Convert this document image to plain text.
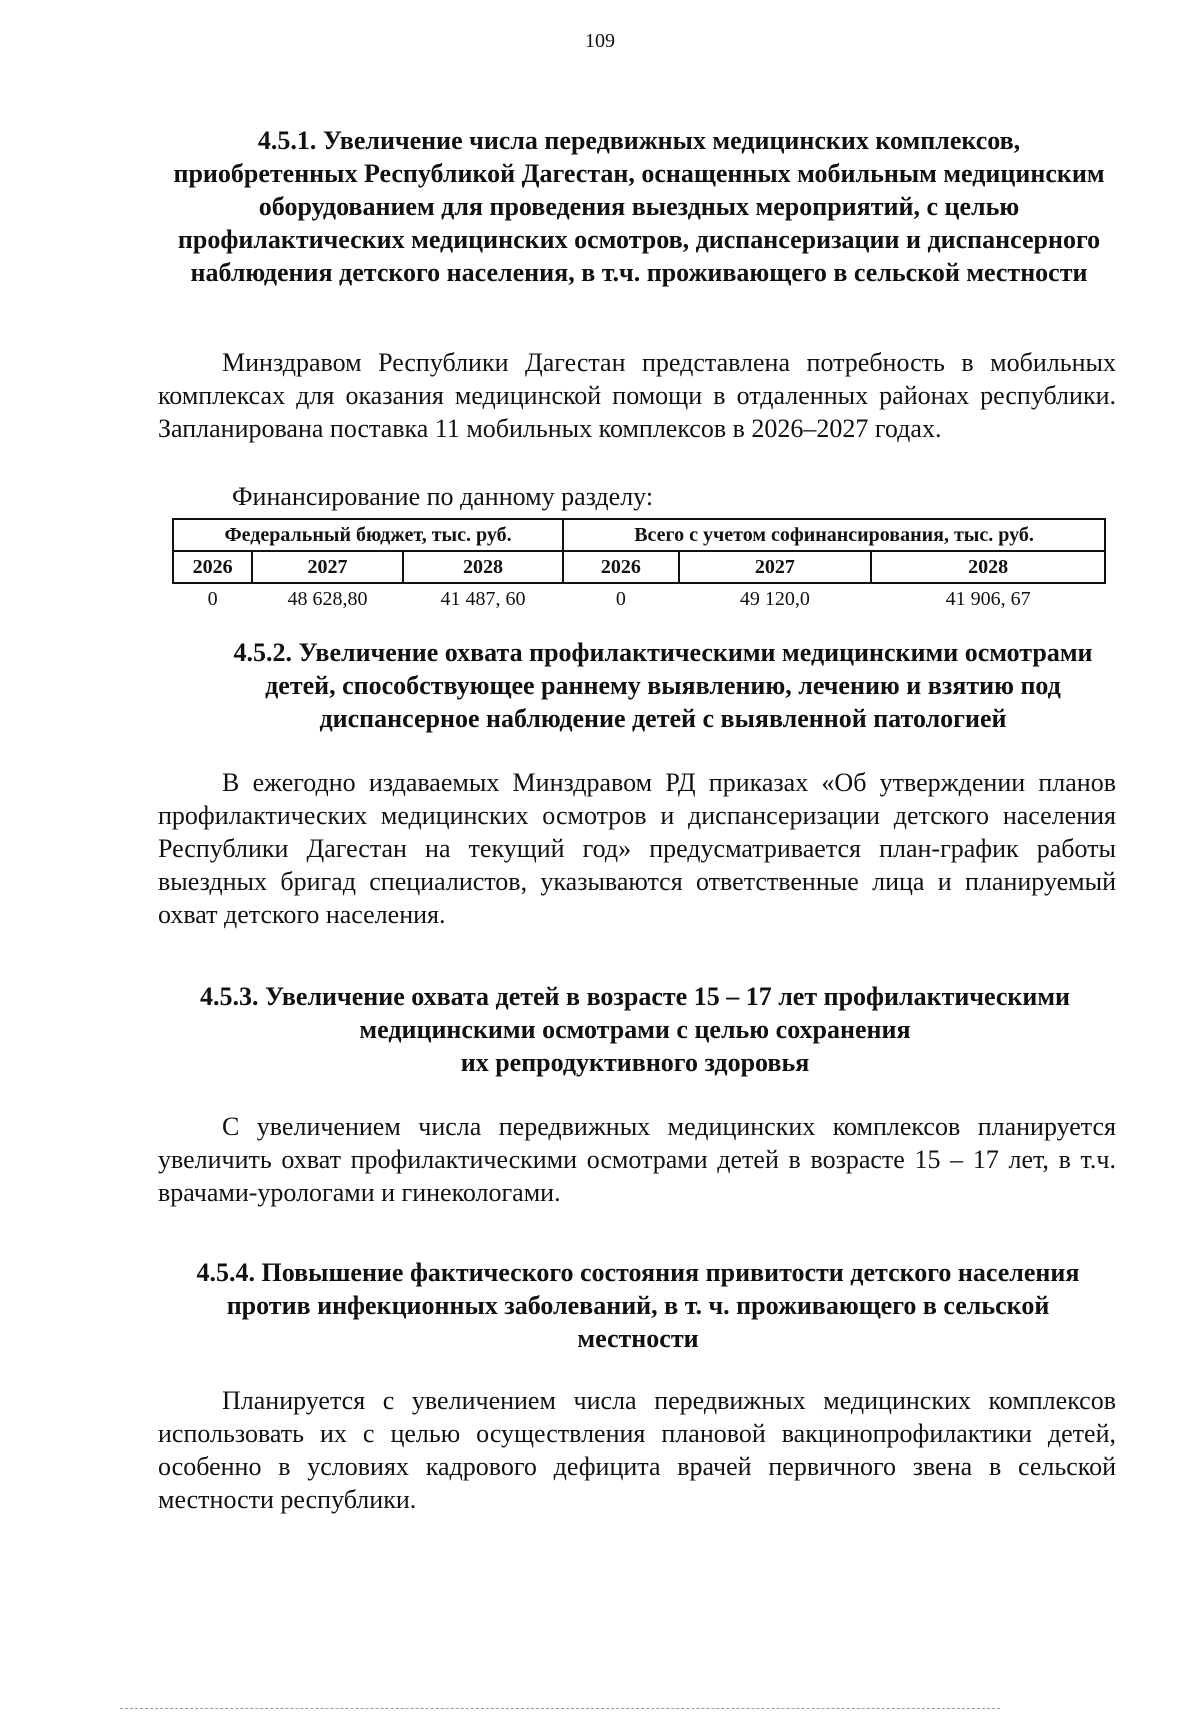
109

4.5.1. Увеличение числа передвижных медицинских комплексов, приобретенных Республикой Дагестан, оснащенных мобильным медицинским оборудованием для проведения выездных мероприятий, с целью профилактических медицинских осмотров, диспансеризации и диспансерного наблюдения детского населения, в т.ч. проживающего в сельской местности

Минздравом Республики Дагестан представлена потребность в мобильных комплексах для оказания медицинской помощи в отдаленных районах республики. Запланирована поставка 11 мобильных комплексов в 2026–2027 годах.

Финансирование по данному разделу:
Федеральный бюджет, тыс. руб.			Всего с учетом софинансирования, тыс. руб.		
2026	2027	2028	2026	2027	2028
0	48 628,80	41 487, 60	0	49 120,0	41 906, 67

4.5.2. Увеличение охвата профилактическими медицинскими осмотрами детей, способствующее раннему выявлению, лечению и взятию под диспансерное наблюдение детей с выявленной патологией

В ежегодно издаваемых Минздравом РД приказах «Об утверждении планов профилактических медицинских осмотров и диспансеризации детского населения Республики Дагестан на текущий год» предусматривается план-график работы выездных бригад специалистов, указываются ответственные лица и планируемый охват детского населения.

4.5.3. Увеличение охвата детей в возрасте 15 – 17 лет профилактическими

медицинскими осмотрами с целью сохранения

их репродуктивного здоровья

С увеличением числа передвижных медицинских комплексов планируется увеличить охват профилактическими осмотрами детей в возрасте 15 – 17 лет, в т.ч. врачами-урологами и гинекологами.

4.5.4. Повышение фактического состояния привитости детского населения против инфекционных заболеваний, в т. ч. проживающего в сельской местности

Планируется с увеличением числа передвижных медицинских комплексов использовать их с целью осуществления плановой вакцинопрофилактики детей, особенно в условиях кадрового дефицита врачей первичного звена в сельской местности республики.
